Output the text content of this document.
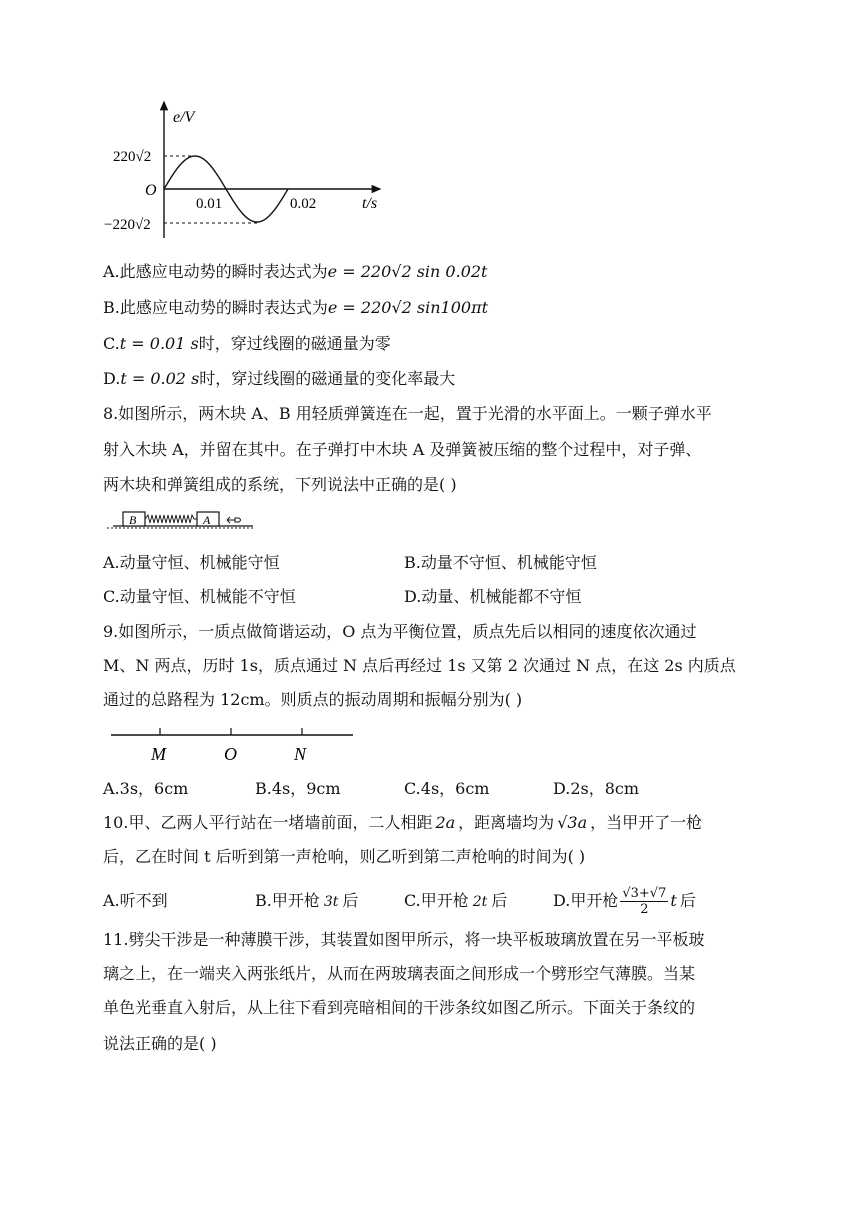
e/V
t/s
O
0.01	0.02
220√2
−220√2
A.此感应电动势的瞬时表达式为e = 220√2 sin 0.02t
B.此感应电动势的瞬时表达式为e = 220√2 sin100πt
C.t = 0.01 s时，穿过线圈的磁通量为零
D.t = 0.02 s时，穿过线圈的磁通量的变化率最大
8.如图所示，两木块 A、B 用轻质弹簧连在一起，置于光滑的水平面上。一颗子弹水平
射入木块 A，并留在其中。在子弹打中木块 A 及弹簧被压缩的整个过程中，对子弹、
两木块和弹簧组成的系统，下列说法中正确的是( )
B	A
A.动量守恒、机械能守恒	B.动量不守恒、机械能守恒
C.动量守恒、机械能不守恒	D.动量、机械能都不守恒
9.如图所示，一质点做简谐运动，O 点为平衡位置，质点先后以相同的速度依次通过
M、N 两点，历时 1s，质点通过 N 点后再经过 1s 又第 2 次通过 N 点，在这 2s 内质点
通过的总路程为 12cm。则质点的振动周期和振幅分别为( )
M	O	N
A.3s，6cm	B.4s，9cm	C.4s，6cm	D.2s，8cm
10.甲、乙两人平行站在一堵墙前面，二人相距 2a ，距离墙均为 √3a ，当甲开了一枪
后，乙在时间 t 后听到第一声枪响，则乙听到第二声枪响的时间为( )
A.听不到	B.甲开枪 3t 后	C.甲开枪 2t 后	D.甲开枪 $\frac{√3+√7}{2}$ t 后
11.劈尖干涉是一种薄膜干涉，其装置如图甲所示，将一块平板玻璃放置在另一平板玻
璃之上，在一端夹入两张纸片，从而在两玻璃表面之间形成一个劈形空气薄膜。当某
单色光垂直入射后，从上往下看到亮暗相间的干涉条纹如图乙所示。下面关于条纹的
说法正确的是( )
